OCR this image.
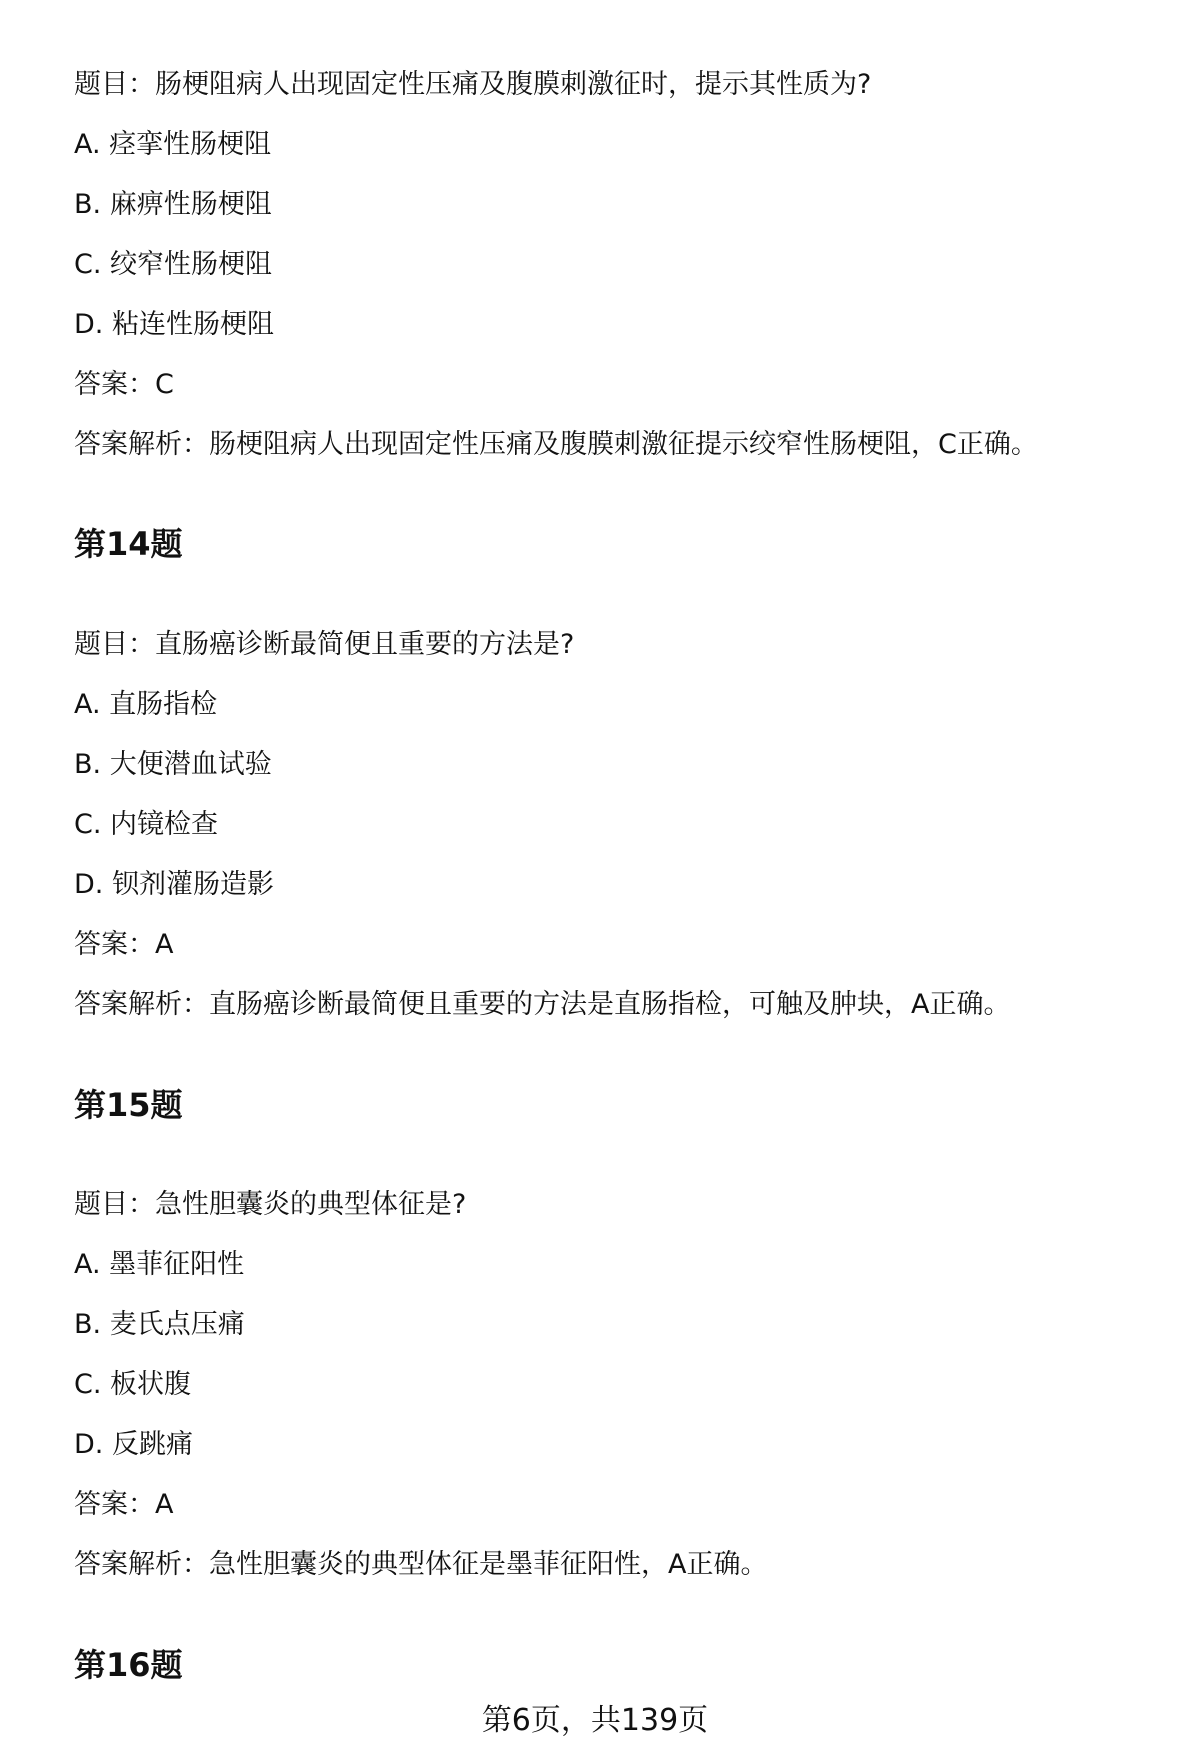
题目：肠梗阻病人出现固定性压痛及腹膜刺激征时，提示其性质为?
A. 痉挛性肠梗阻
B. 麻痹性肠梗阻
C. 绞窄性肠梗阻
D. 粘连性肠梗阻
答案：C
答案解析：肠梗阻病人出现固定性压痛及腹膜刺激征提示绞窄性肠梗阻，C正确。
第14题
题目：直肠癌诊断最简便且重要的方法是?
A. 直肠指检
B. 大便潜血试验
C. 内镜检查
D. 钡剂灌肠造影
答案：A
答案解析：直肠癌诊断最简便且重要的方法是直肠指检，可触及肿块，A正确。
第15题
题目：急性胆囊炎的典型体征是?
A. 墨菲征阳性
B. 麦氏点压痛
C. 板状腹
D. 反跳痛
答案：A
答案解析：急性胆囊炎的典型体征是墨菲征阳性，A正确。
第16题
第6页，共139页
